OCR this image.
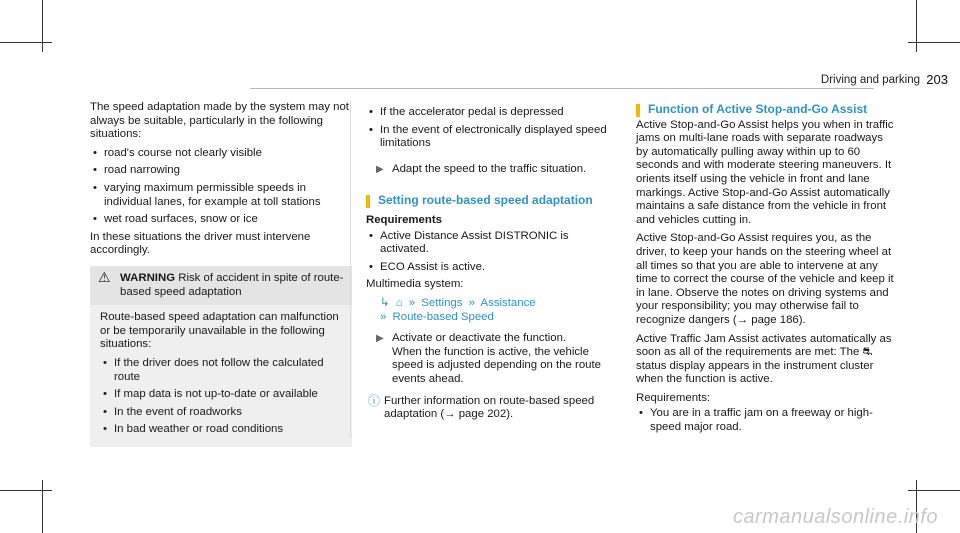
Driving and parking 203

The speed adaptation made by the system may not always be suitable, particularly in the following situations:

• road's course not clearly visible
• road narrowing
• varying maximum permissible speeds in individual lanes, for example at toll stations
• wet road surfaces, snow or ice

In these situations the driver must intervene accordingly.

⚠ WARNING Risk of accident in spite of route-based speed adaptation

Route-based speed adaptation can malfunction or be temporarily unavailable in the following situations:

• If the driver does not follow the calculated route
• If map data is not up-to-date or available
• In the event of roadworks
• In bad weather or road conditions
• If the accelerator pedal is depressed
• In the event of electronically displayed speed limitations
▶ Adapt the speed to the traffic situation.
Setting route-based speed adaptation
Requirements
• Active Distance Assist DISTRONIC is activated.
• ECO Assist is active.

Multimedia system:

↳ ⌂ » Settings » Assistance
» Route-based Speed
▶ Activate or deactivate the function.
When the function is active, the vehicle speed is adjusted depending on the route events ahead.
ⓘ Further information on route-based speed adaptation (→ page 202).
Function of Active Stop-and-Go Assist

Active Stop-and-Go Assist helps you when in traffic jams on multi-lane roads with separate roadways by automatically pulling away within up to 60 seconds and with moderate steering maneuvers. It orients itself using the vehicle in front and lane markings. Active Stop-and-Go Assist automatically maintains a safe distance from the vehicle in front and vehicles cutting in.

Active Stop-and-Go Assist requires you, as the driver, to keep your hands on the steering wheel at all times so that you are able to intervene at any time to correct the course of the vehicle and keep it in lane. Observe the notes on driving systems and your responsibility; you may otherwise fail to recognize dangers (→ page 186).

Active Traffic Jam Assist activates automatically as soon as all of the requirements are met: The ⛐ status display appears in the instrument cluster when the function is active.

Requirements:

• You are in a traffic jam on a freeway or high-speed major road.
carmanualsonline.info
